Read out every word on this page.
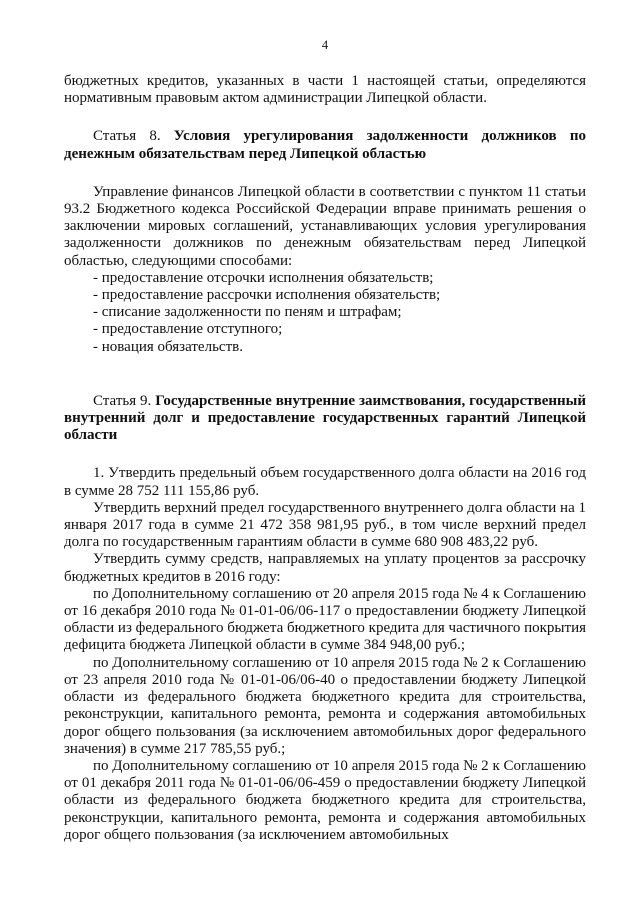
4

бюджетных кредитов, указанных в части 1 настоящей статьи, определяются нормативным правовым актом администрации Липецкой области.

Статья 8. Условия урегулирования задолженности должников по денежным обязательствам перед Липецкой областью

Управление финансов Липецкой области в соответствии с пунктом 11 статьи 93.2 Бюджетного кодекса Российской Федерации вправе принимать решения о заключении мировых соглашений, устанавливающих условия урегулирования задолженности должников по денежным обязательствам перед Липецкой областью, следующими способами:

- предоставление отсрочки исполнения обязательств;
- предоставление рассрочки исполнения обязательств;
- списание задолженности по пеням и штрафам;
- предоставление отступного;
- новация обязательств.

Статья 9. Государственные внутренние заимствования, государственный внутренний долг и предоставление государственных гарантий Липецкой области

1. Утвердить предельный объем государственного долга области на 2016 год в сумме 28 752 111 155,86 руб.

Утвердить верхний предел государственного внутреннего долга области на 1 января 2017 года в сумме 21 472 358 981,95 руб., в том числе верхний предел долга по государственным гарантиям области в сумме 680 908 483,22 руб.

Утвердить сумму средств, направляемых на уплату процентов за рассрочку бюджетных кредитов в 2016 году:

по Дополнительному соглашению от 20 апреля 2015 года № 4 к Соглашению от 16 декабря 2010 года № 01-01-06/06-117 о предоставлении бюджету Липецкой области из федерального бюджета бюджетного кредита для частичного покрытия дефицита бюджета Липецкой области в сумме 384 948,00 руб.;

по Дополнительному соглашению от 10 апреля 2015 года № 2 к Соглашению от 23 апреля 2010 года № 01-01-06/06-40 о предоставлении бюджету Липецкой области из федерального бюджета бюджетного кредита для строительства, реконструкции, капитального ремонта, ремонта и содержания автомобильных дорог общего пользования (за исключением автомобильных дорог федерального значения) в сумме 217 785,55 руб.;

по Дополнительному соглашению от 10 апреля 2015 года № 2 к Соглашению от 01 декабря 2011 года № 01-01-06/06-459 о предоставлении бюджету Липецкой области из федерального бюджета бюджетного кредита для строительства, реконструкции, капитального ремонта, ремонта и содержания автомобильных дорог общего пользования (за исключением автомобильных
